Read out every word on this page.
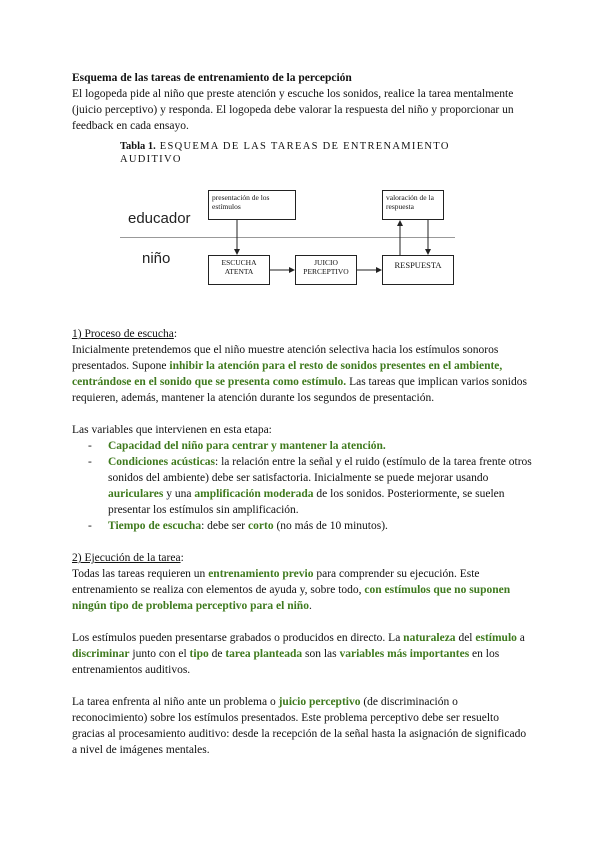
Esquema de las tareas de entrenamiento de la percepción

El logopeda pide al niño que preste atención y escuche los sonidos, realice la tarea mentalmente (juicio perceptivo) y responda. El logopeda debe valorar la respuesta del niño y proporcionar un feedback en cada ensayo.

Tabla 1. ESQUEMA DE LAS TAREAS DE ENTRENAMIENTO AUDITIVO
educador
niño
presentación de los estímulos
valoración de la respuesta
ESCUCHA ATENTA
JUICIO PERCEPTIVO
RESPUESTA

1) Proceso de escucha:

Inicialmente pretendemos que el niño muestre atención selectiva hacia los estímulos sonoros presentados. Supone inhibir la atención para el resto de sonidos presentes en el ambiente, centrándose en el sonido que se presenta como estímulo. Las tareas que implican varios sonidos requieren, además, mantener la atención durante los segundos de presentación.

Las variables que intervienen en esta etapa:

- Capacidad del niño para centrar y mantener la atención.
- Condiciones acústicas: la relación entre la señal y el ruido (estímulo de la tarea frente otros sonidos del ambiente) debe ser satisfactoria. Inicialmente se puede mejorar usando auriculares y una amplificación moderada de los sonidos. Posteriormente, se suelen presentar los estímulos sin amplificación.
- Tiempo de escucha: debe ser corto (no más de 10 minutos).

2) Ejecución de la tarea:

Todas las tareas requieren un entrenamiento previo para comprender su ejecución. Este entrenamiento se realiza con elementos de ayuda y, sobre todo, con estímulos que no suponen ningún tipo de problema perceptivo para el niño.

Los estímulos pueden presentarse grabados o producidos en directo. La naturaleza del estímulo a discriminar junto con el tipo de tarea planteada son las variables más importantes en los entrenamientos auditivos.

La tarea enfrenta al niño ante un problema o juicio perceptivo (de discriminación o reconocimiento) sobre los estímulos presentados. Este problema perceptivo debe ser resuelto gracias al procesamiento auditivo: desde la recepción de la señal hasta la asignación de significado a nivel de imágenes mentales.
